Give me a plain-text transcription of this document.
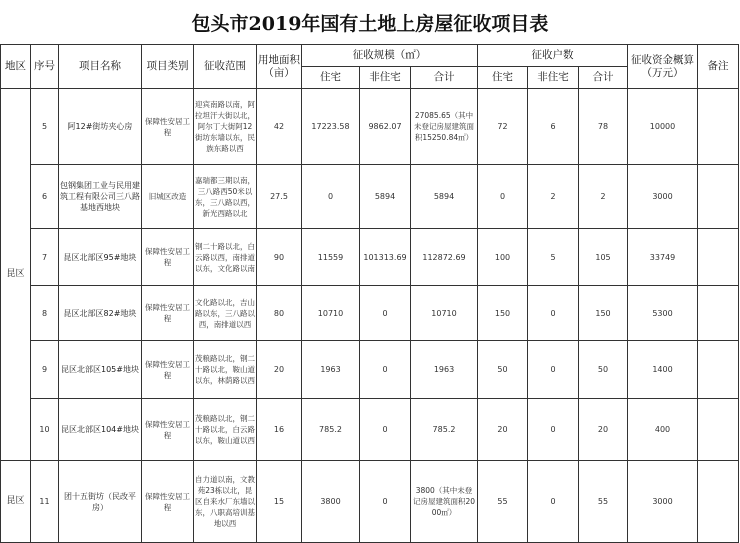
包头市2019年国有土地上房屋征收项目表
地区	序号	项目名称	项目类别	征收范围	用地面积（亩）	征收规模（㎡）			征收户数			征收资金概算（万元）	备注
						住宅	非住宅	合计	住宅	非住宅	合计		
昆区	5	阿12#街坊夹心房	保障性安居工程	迎宾南路以南，阿拉坦汗大街以北，阿尔丁大街阿12街坊东墙以东，民族东路以西	42	17223.58	9862.07	27085.65（其中未登记房屋建筑面积15250.84㎡）	72	6	78	10000	
	6	包钢集团工业与民用建筑工程有限公司三八路基地西地块	旧城区改造	嘉瑞都三期以南，三八路西50米以东，三八路以西，新光西路以北	27.5	0	5894	5894	0	2	2	3000	
	7	昆区北部区95#地块	保障性安居工程	钢二十路以北，白云路以西，南排道以东，文化路以南	90	11559	101313.69	112872.69	100	5	105	33749	
	8	昆区北部区82#地块	保障性安居工程	文化路以北，吉山路以东，三八路以西，南排道以西	80	10710	0	10710	150	0	150	5300	
	9	昆区北部区105#地块	保障性安居工程	茂粮路以北，钢二十路以北，鞍山道以东，林荫路以西	20	1963	0	1963	50	0	50	1400	
	10	昆区北部区104#地块	保障性安居工程	茂粮路以北，钢二十路以北，白云路以东，鞍山道以西	16	785.2	0	785.2	20	0	20	400	
昆区	11	团十五街坊（民改平房）	保障性安居工程	自力道以南，文教苑23栋以北，昆区自来水厂东墙以东，八职高培训基地以西	15	3800	0	3800（其中未登记房屋建筑面积2000㎡）	55	0	55	3000	
